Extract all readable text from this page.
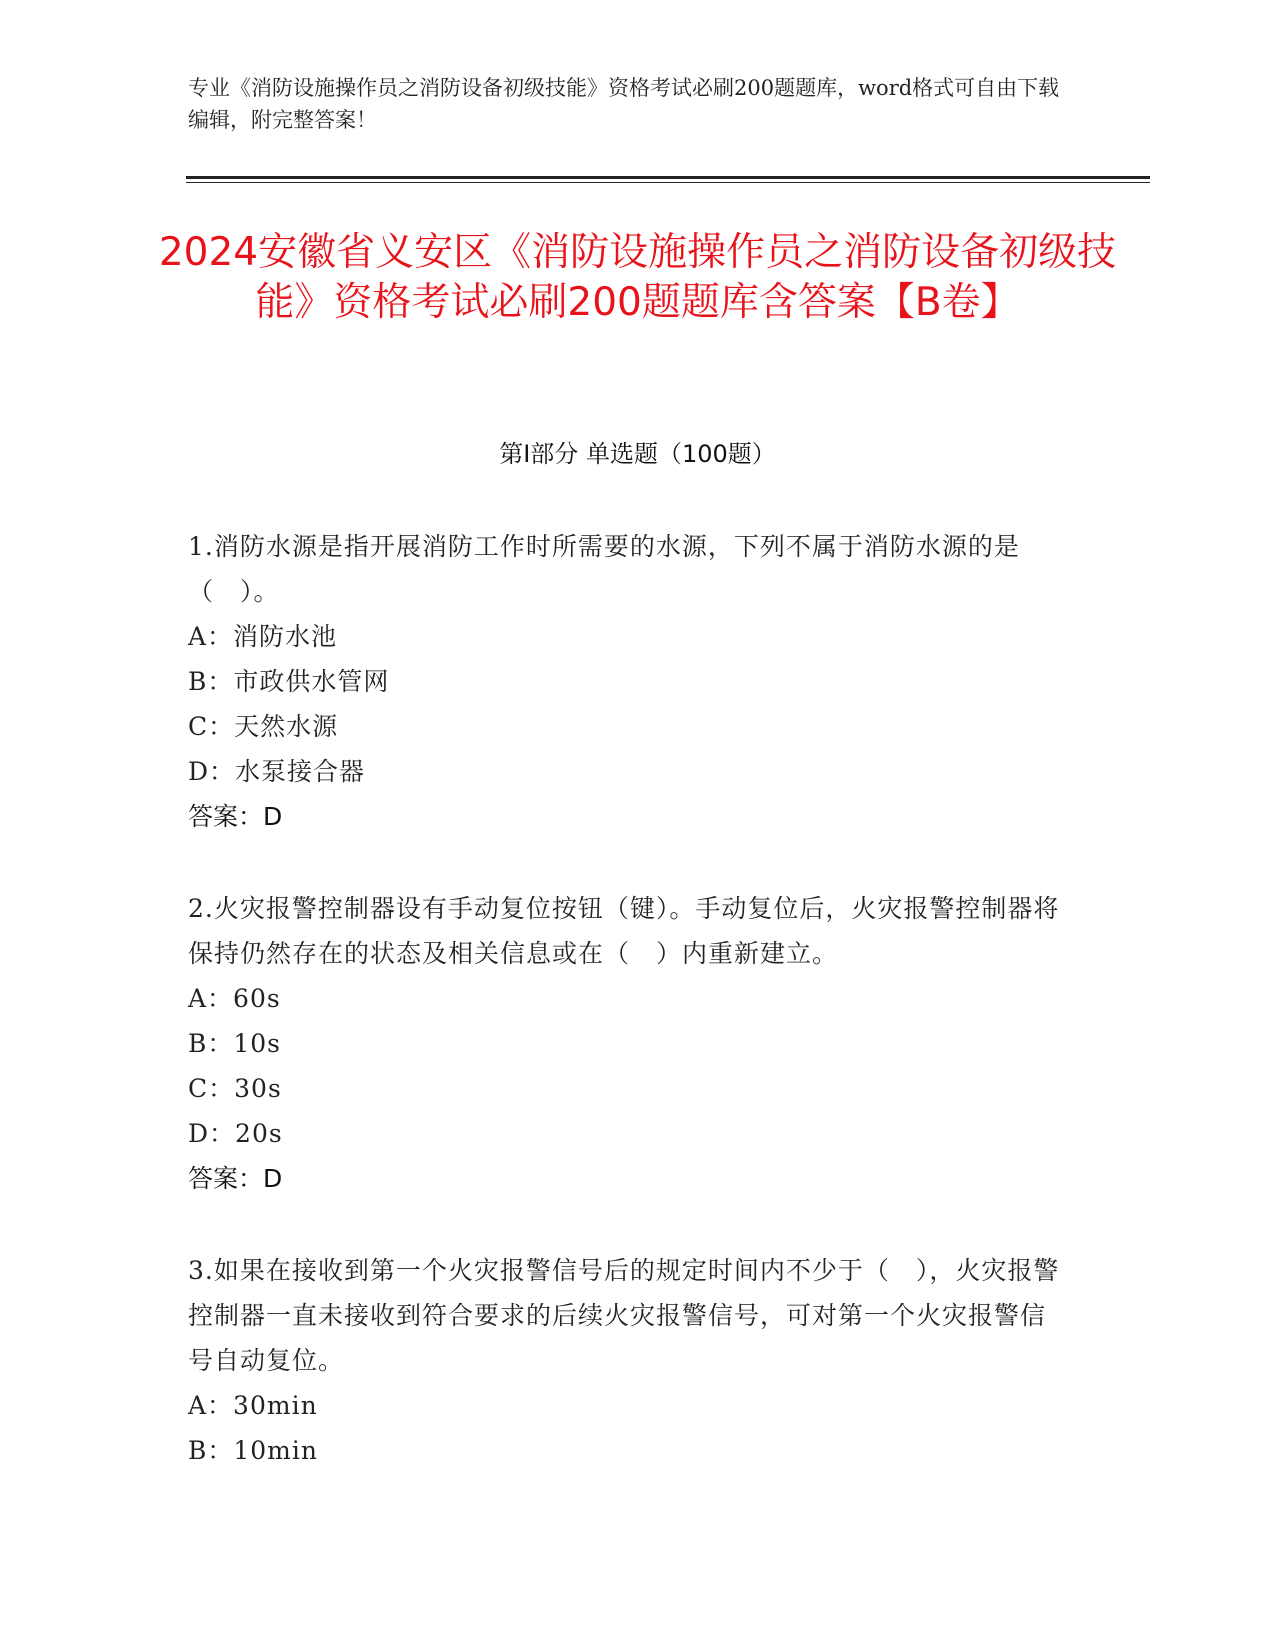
专业《消防设施操作员之消防设备初级技能》资格考试必刷200题题库，word格式可自由下载编辑，附完整答案！
2024安徽省义安区《消防设施操作员之消防设备初级技能》资格考试必刷200题题库含答案【B卷】
第Ⅰ部分 单选题（100题）
1.消防水源是指开展消防工作时所需要的水源，下列不属于消防水源的是（　）。
A：消防水池
B：市政供水管网
C：天然水源
D：水泵接合器
答案：D
2.火灾报警控制器设有手动复位按钮（键）。手动复位后，火灾报警控制器将保持仍然存在的状态及相关信息或在（　）内重新建立。
A：60s
B：10s
C：30s
D：20s
答案：D
3.如果在接收到第一个火灾报警信号后的规定时间内不少于（　），火灾报警控制器一直未接收到符合要求的后续火灾报警信号，可对第一个火灾报警信号自动复位。
A：30min
B：10min
